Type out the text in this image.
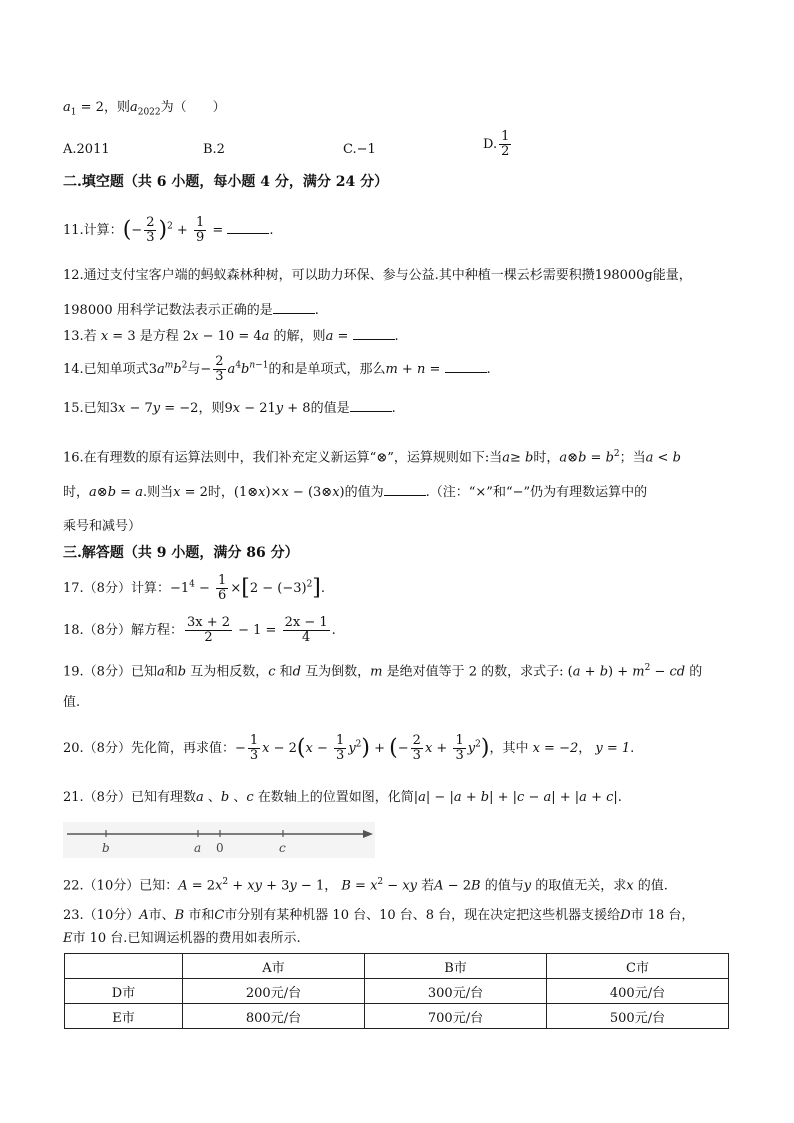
$a_1 = 2$，则$a_{2022}$为（　　）
A.2011	B.2	C.−1	D. $\frac{1}{2}$
二.填空题（共 6 小题，每小题 4 分，满分 24 分）
11.计算：(− $\frac{2}{3} )^2 + \frac{1}{9}$ =	.
12.通过支付宝客户端的蚂蚁森林种树，可以助力环保、参与公益.其中种植一棵云杉需要积攒198000g能量，
198000 用科学记数法表示正确的是	.
13.若 x = 3 是方程 2x − 10 = 4a 的解，则a =	.
14.已知单项式$3a^mb^2$与− $\frac{2}{3} a^4b^{n-1}$的和是单项式，那么m + n =	.
15.已知3x − 7y = −2，则9x − 21y + 8的值是	.
16.在有理数的原有运算法则中，我们补充定义新运算“⊗”，运算规则如下:当a≥ b时，a⊗b = $b^2$；当a < b
时，a⊗b = a.则当x = 2时，(1⊗x)×x − (3⊗x)的值为	.（注：“×”和“−”仍为有理数运算中的
乘号和减号）
三.解答题（共 9 小题，满分 86 分）
17.（8分）计算：$-1^4 - \frac{1}{6} \times[2 - (-3)^2]$.
18.（8分）解方程： $\frac{3x + 2}{2} - 1 = \frac{2x - 1}{4}$ .
19.（8分）已知a和b 互为相反数，c 和d 互为倒数，m 是绝对值等于 2 的数，求式子: $(a + b) + m^2$ − cd 的
值.
20.（8分）先化简，再求值：− $\frac{1}{3}$ $x - 2(x - \frac{1}{3} y^2)$ + (− $\frac{2}{3}$ $x + \frac{1}{3} y^2$)，其中 x = −2， y = 1.
21.（8分）已知有理数a 、b 、c 在数轴上的位置如图，化简|a| − |a + b| + |c − a| + |a + c|.
b	a 0	c
22.（10分）已知：$A = 2x^2$ + xy + 3y − 1， $B = x^2$ − xy 若A − 2B 的值与y 的取值无关，求x 的值.
23.（10分）A市、B 市和C市分别有某种机器 10 台、10 台、8 台，现在决定把这些机器支援给D市 18 台，
E市 10 台.已知调运机器的费用如表所示.
	A市	B市	C市
D市	200元/台	300元/台	400元/台
E市	800元/台	700元/台	500元/台
